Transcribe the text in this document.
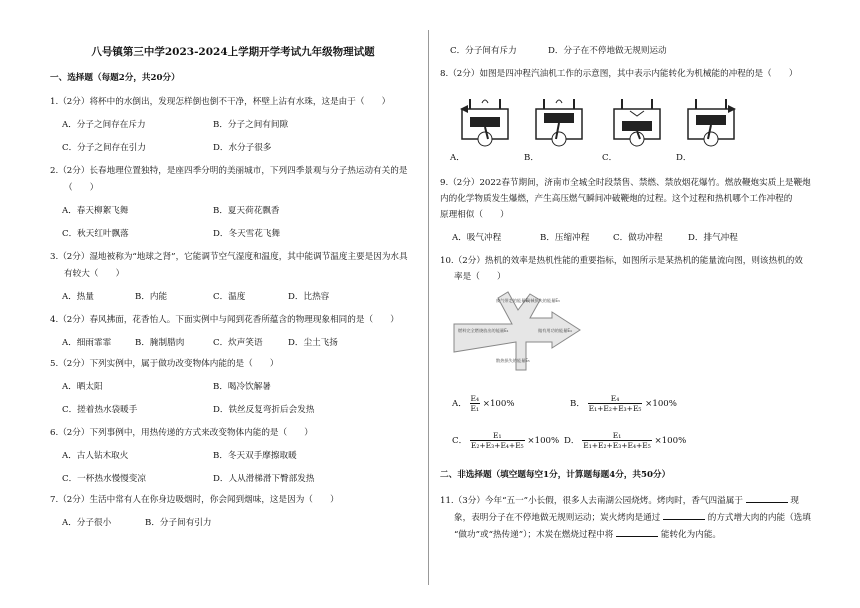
八号镇第三中学2023-2024上学期开学考试九年级物理试题
一、选择题（每题2分，共20分）
1.（2分）将杯中的水倒出，发现怎样倒也倒不干净，杯壁上沾有水珠，这是由于（　　）
A．分子之间存在斥力	B．分子之间有间隙
C．分子之间存在引力	D．水分子很多
2.（2分）长春地理位置独特，是座四季分明的美丽城市，下列四季景观与分子热运动有关的是
（　　）
A．春天柳絮飞舞	B．夏天荷花飘香
C．秋天红叶飘落	D．冬天雪花飞舞
3.（2分）湿地被称为“地球之肾”，它能调节空气湿度和温度，其中能调节温度主要是因为水具
有较大（　　）
A．热量	B．内能	C．温度	D．比热容
4.（2分）春风拂面，花香怡人。下面实例中与闻到花香所蕴含的物理现象相同的是（　　）
A．细雨霏霏	B．腌制腊肉	C．炊声笑语	D．尘土飞扬
5.（2分）下列实例中，属于做功改变物体内能的是（　　）
A．晒太阳	B．喝冷饮解暑
C．搓着热水袋暖手	D．铁丝反复弯折后会发热
6.（2分）下列事例中，用热传递的方式来改变物体内能的是（　　）
A．古人钻木取火	B．冬天双手摩擦取暖
C．一杯热水慢慢变凉	D．人从滑梯滑下臀部发热
7.（2分）生活中常有人在你身边吸烟时，你会闻到烟味，这是因为（　　）
A．分子很小	B．分子间有引力
C．分子间有斥力	D．分子在不停地做无规则运动
8.（2分）如图是四冲程汽油机工作的示意图，其中表示内能转化为机械能的冲程的是（　　）
A．	B．	C．	D．
9.（2分）2022春节期间，济南市全城全时段禁售、禁燃、禁放烟花爆竹。燃放鞭炮实质上是鞭炮
内的化学物质发生爆燃，产生高压燃气瞬间冲破鞭炮的过程。这个过程和热机哪个工作冲程的
原理相似（　　）
A．吸气冲程	B．压缩冲程	C．做功冲程	D．排气冲程
10.（2分）热机的效率是热机性能的重要指标，如图所示是某热机的能量流向图，则该热机的效
率是（　　）
燃料完全燃烧放出的能量E₁
废气带走的能量E₂
机械损失的能量E₃
做有用功的能量E₄
散热损失的能量E₅
A． $\frac{\text{E₄}}{\text{E₁}} \times 100\%$	B． $\frac{\text{E₄}}{\text{E₁+E₂+E₃+E₅}} \times 100\%$
C． $\frac{\text{E₁}}{\text{E₂+E₃+E₄+E₅}} \times 100\%$ D． $\frac{\text{E₁}}{\text{E₁+E₂+E₃+E₄+E₅}} \times 100\%$
二、非选择题（填空题每空1分，计算题每题4分，共50分）
11.（3分）今年“五一”小长假，很多人去南湖公园烧烤。烤肉时，香气四溢属于	现
象，表明分子在不停地做无规则运动；炭火烤肉是通过	的方式增大肉的内能（选填
“做功”或“热传递”）；木炭在燃烧过程中将	能转化为内能。
